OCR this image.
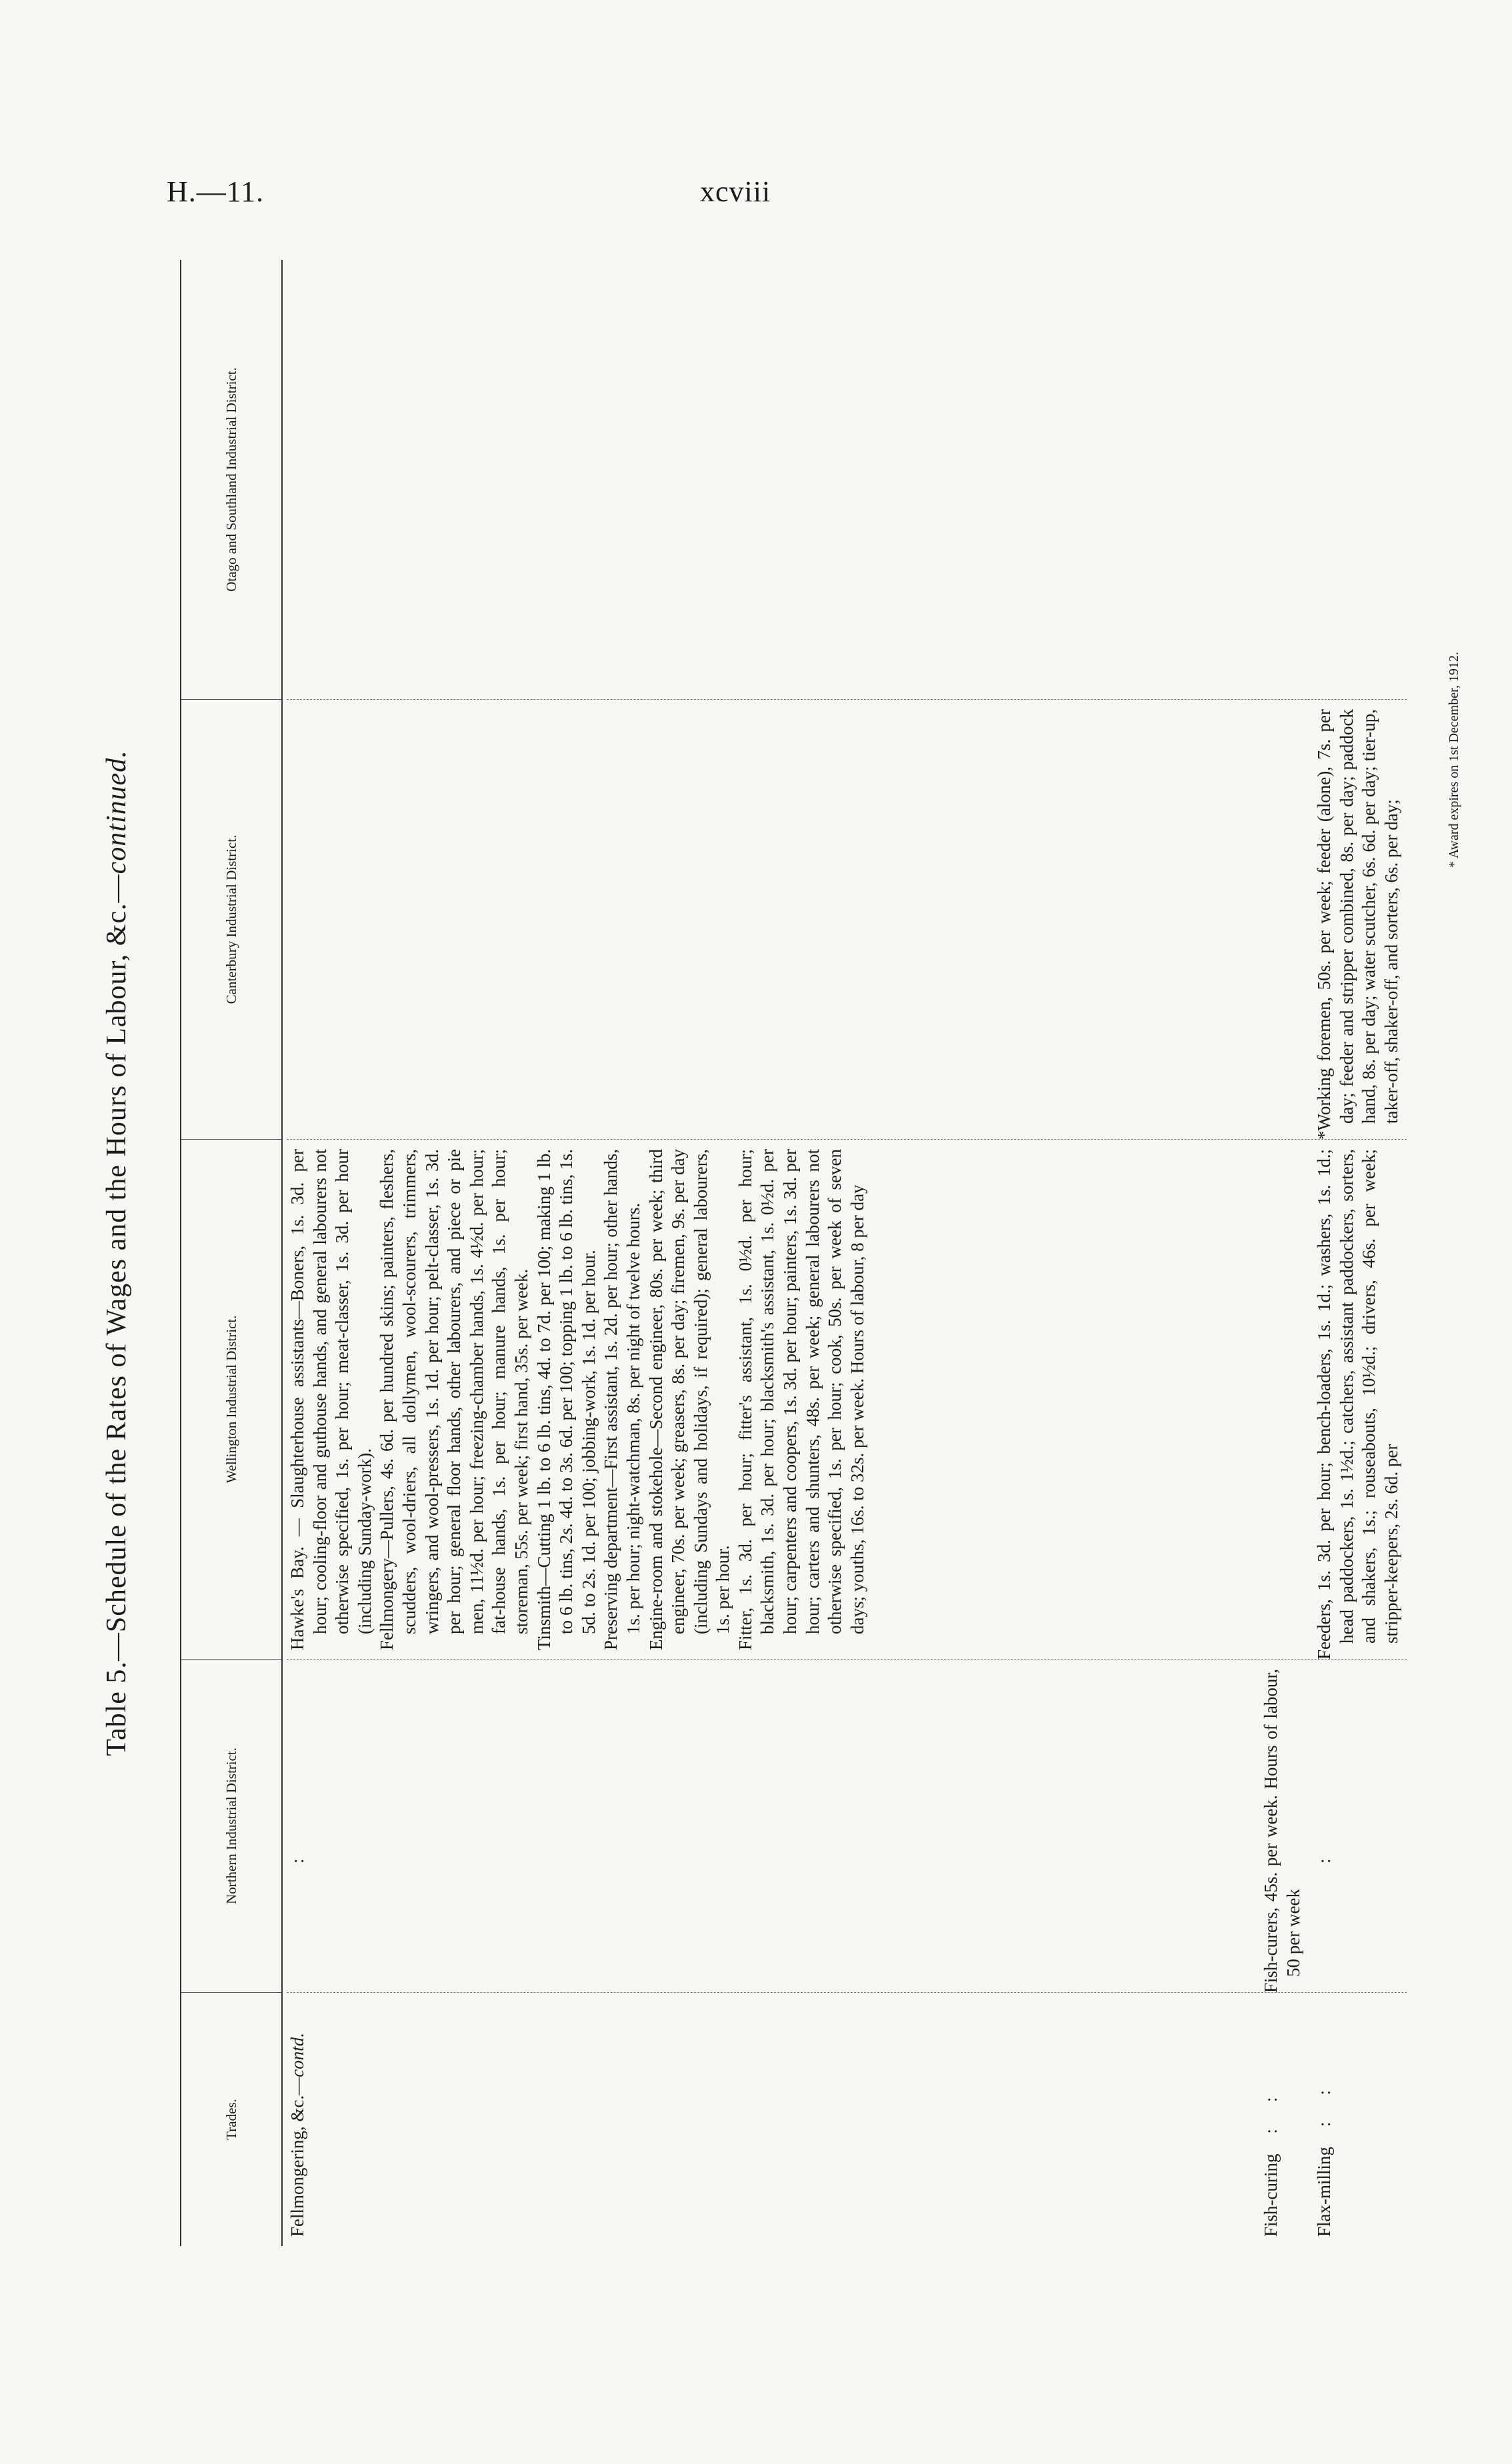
H.—11.	xcviii
Table 5.—Schedule of the Rates of Wages and the Hours of Labour, &c.—continued.
Trades.
Northern Industrial District.
Wellington Industrial District.
Canterbury Industrial District.
Otago and Southland Industrial District.
Fellmongering, &c.—contd.
:

Hawke's Bay. — Slaughterhouse assistants—Boners, 1s. 3d. per hour; cooling-floor and guthouse hands, and general labourers not otherwise specified, 1s. per hour; meat-classer, 1s. 3d. per hour (including Sunday-work). Fellmongery—Pullers, 4s. 6d. per hundred skins; painters, fleshers, scudders, wool-driers, all dollymen, wool-scourers, trimmers, wringers, and wool-pressers, 1s. 1d. per hour; pelt-classer, 1s. 3d. per hour; general floor hands, other labourers, and piece or pie men, 11½d. per hour; freezing-chamber hands, 1s. 4½d. per hour; fat-house hands, 1s. per hour; manure hands, 1s. per hour; storeman, 55s. per week; first hand, 35s. per week. Tinsmith—Cutting 1 lb. to 6 lb. tins, 4d. to 7d. per 100; making 1 lb. to 6 lb. tins, 2s. 4d. to 3s. 6d. per 100; topping 1 lb. to 6 lb. tins, 1s. 5d. to 2s. 1d. per 100; jobbing-work, 1s. 1d. per hour. Preserving department—First assistant, 1s. 2d. per hour; other hands, 1s. per hour; night-watchman, 8s. per night of twelve hours. Engine-room and stokehole—Second engineer, 80s. per week; third engineer, 70s. per week; greasers, 8s. per day; firemen, 9s. per day (including Sundays and holidays, if required); general labourers, 1s. per hour. Fitter, 1s. 3d. per hour; fitter's assistant, 1s. 0½d. per hour; blacksmith, 1s. 3d. per hour; blacksmith's assistant, 1s. 0½d. per hour; carpenters and coopers, 1s. 3d. per hour; painters, 1s. 3d. per hour; carters and shunters, 48s. per week; general labourers not otherwise specified, 1s. per hour; cook, 50s. per week of seven days; youths, 16s. to 32s. per week. Hours of labour, 8 per day

Fish-curing::
Fish-curers, 45s. per week. Hours of labour, 50 per week
Flax-milling::
:
Feeders, 1s. 3d. per hour; bench-loaders, 1s. 1d.; washers, 1s. 1d.; head paddockers, 1s. 1½d.; catchers, assistant paddockers, sorters, and shakers, 1s.; rouseabouts, 10½d.; drivers, 46s. per week; stripper-keepers, 2s. 6d. per
*Working foremen, 50s. per week; feeder (alone), 7s. per day; feeder and stripper combined, 8s. per day; paddock hand, 8s. per day; water scutcher, 6s. 6d. per day; tier-up, taker-off, shaker-off, and sorters, 6s. per day;
* Award expires on 1st December, 1912.
